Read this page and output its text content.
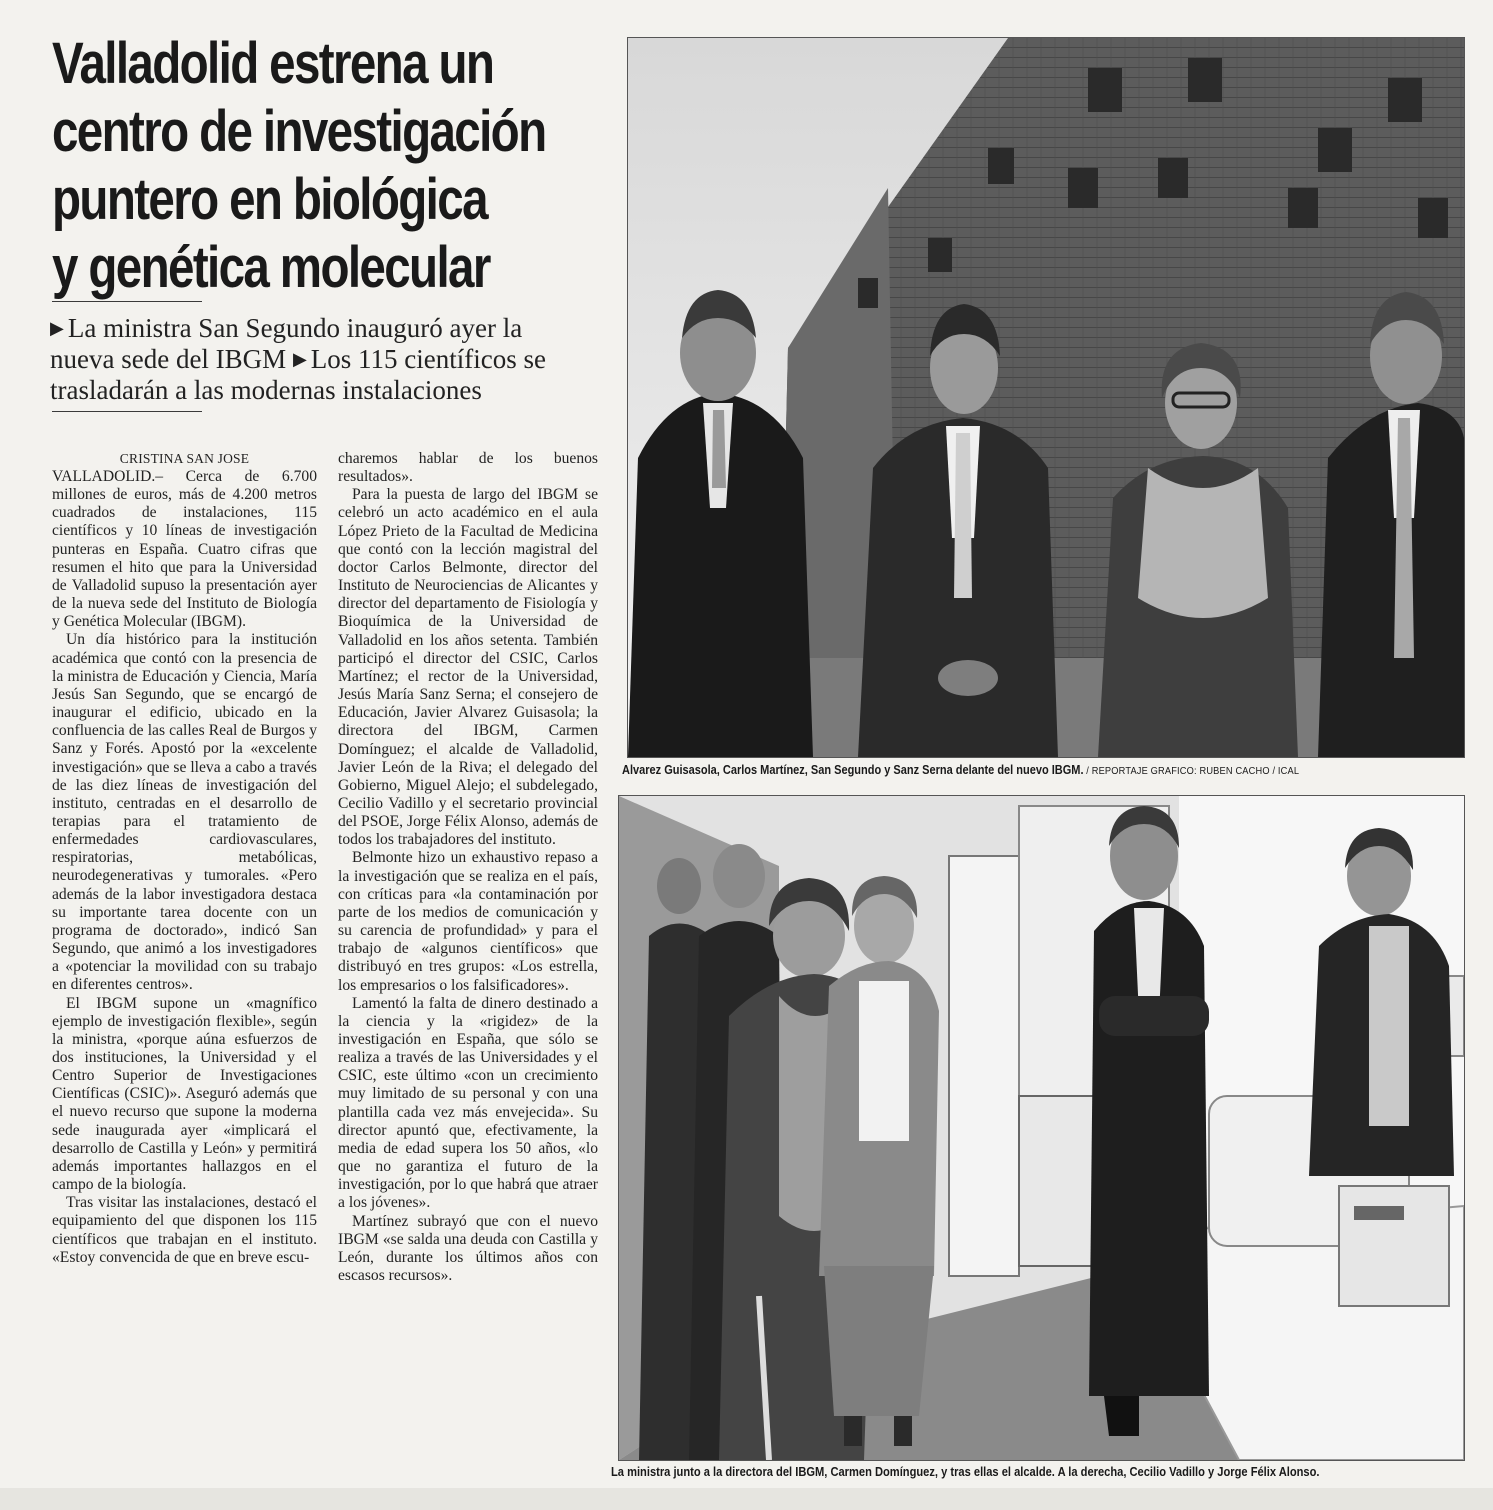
Valladolid estrena un
centro de investigación
puntero en biológica
y genética molecular
▶ La ministra San Segundo inauguró ayer la
nueva sede del IBGM ▶ Los 115 científicos se
trasladarán a las modernas instalaciones
CRISTINA SAN JOSE

VALLADOLID.– Cerca de 6.700 millones de euros, más de 4.200 metros cuadrados de instalaciones, 115 científicos y 10 líneas de investigación punteras en España. Cuatro cifras que resumen el hito que para la Universidad de Valladolid supuso la presentación ayer de la nueva sede del Instituto de Biología y Genética Molecular (IBGM).

Un día histórico para la institución académica que contó con la presencia de la ministra de Educación y Ciencia, María Jesús San Segundo, que se encargó de inaugurar el edificio, ubicado en la confluencia de las calles Real de Burgos y Sanz y Forés. Apostó por la «excelente investigación» que se lleva a cabo a través de las diez líneas de investigación del instituto, centradas en el desarrollo de terapias para el tratamiento de enfermedades cardiovasculares, respiratorias, metabólicas, neurodegenerativas y tumorales. «Pero además de la labor investigadora destaca su importante tarea docente con un programa de doctorado», indicó San Segundo, que animó a los investigadores a «potenciar la movilidad con su trabajo en diferentes centros».

El IBGM supone un «magnífico ejemplo de investigación flexible», según la ministra, «porque aúna esfuerzos de dos instituciones, la Universidad y el Centro Superior de Investigaciones Científicas (CSIC)». Aseguró además que el nuevo recurso que supone la moderna sede inaugurada ayer «implicará el desarrollo de Castilla y León» y permitirá además importantes hallazgos en el campo de la biología.

Tras visitar las instalaciones, destacó el equipamiento del que disponen los 115 científicos que trabajan en el instituto. «Estoy convencida de que en breve escu-

charemos hablar de los buenos resultados».

Para la puesta de largo del IBGM se celebró un acto académico en el aula López Prieto de la Facultad de Medicina que contó con la lección magistral del doctor Carlos Belmonte, director del Instituto de Neurociencias de Alicantes y director del departamento de Fisiología y Bioquímica de la Universidad de Valladolid en los años setenta. También participó el director del CSIC, Carlos Martínez; el rector de la Universidad, Jesús María Sanz Serna; el consejero de Educación, Javier Alvarez Guisasola; la directora del IBGM, Carmen Domínguez; el alcalde de Valladolid, Javier León de la Riva; el delegado del Gobierno, Miguel Alejo; el subdelegado, Cecilio Vadillo y el secretario provincial del PSOE, Jorge Félix Alonso, además de todos los trabajadores del instituto.

Belmonte hizo un exhaustivo repaso a la investigación que se realiza en el país, con críticas para «la contaminación por parte de los medios de comunicación y su carencia de profundidad» y para el trabajo de «algunos científicos» que distribuyó en tres grupos: «Los estrella, los empresarios o los falsificadores».

Lamentó la falta de dinero destinado a la ciencia y la «rigidez» de la investigación en España, que sólo se realiza a través de las Universidades y el CSIC, este último «con un crecimiento muy limitado de su personal y con una plantilla cada vez más envejecida». Su director apuntó que, efectivamente, la media de edad supera los 50 años, «lo que no garantiza el futuro de la investigación, por lo que habrá que atraer a los jóvenes».

Martínez subrayó que con el nuevo IBGM «se salda una deuda con Castilla y León, durante los últimos años con escasos recursos».

Alvarez Guisasola, Carlos Martínez, San Segundo y Sanz Serna delante del nuevo IBGM. / REPORTAJE GRAFICO: RUBEN CACHO / ICAL
La ministra junto a la directora del IBGM, Carmen Domínguez, y tras ellas el alcalde. A la derecha, Cecilio Vadillo y Jorge Félix Alonso.
